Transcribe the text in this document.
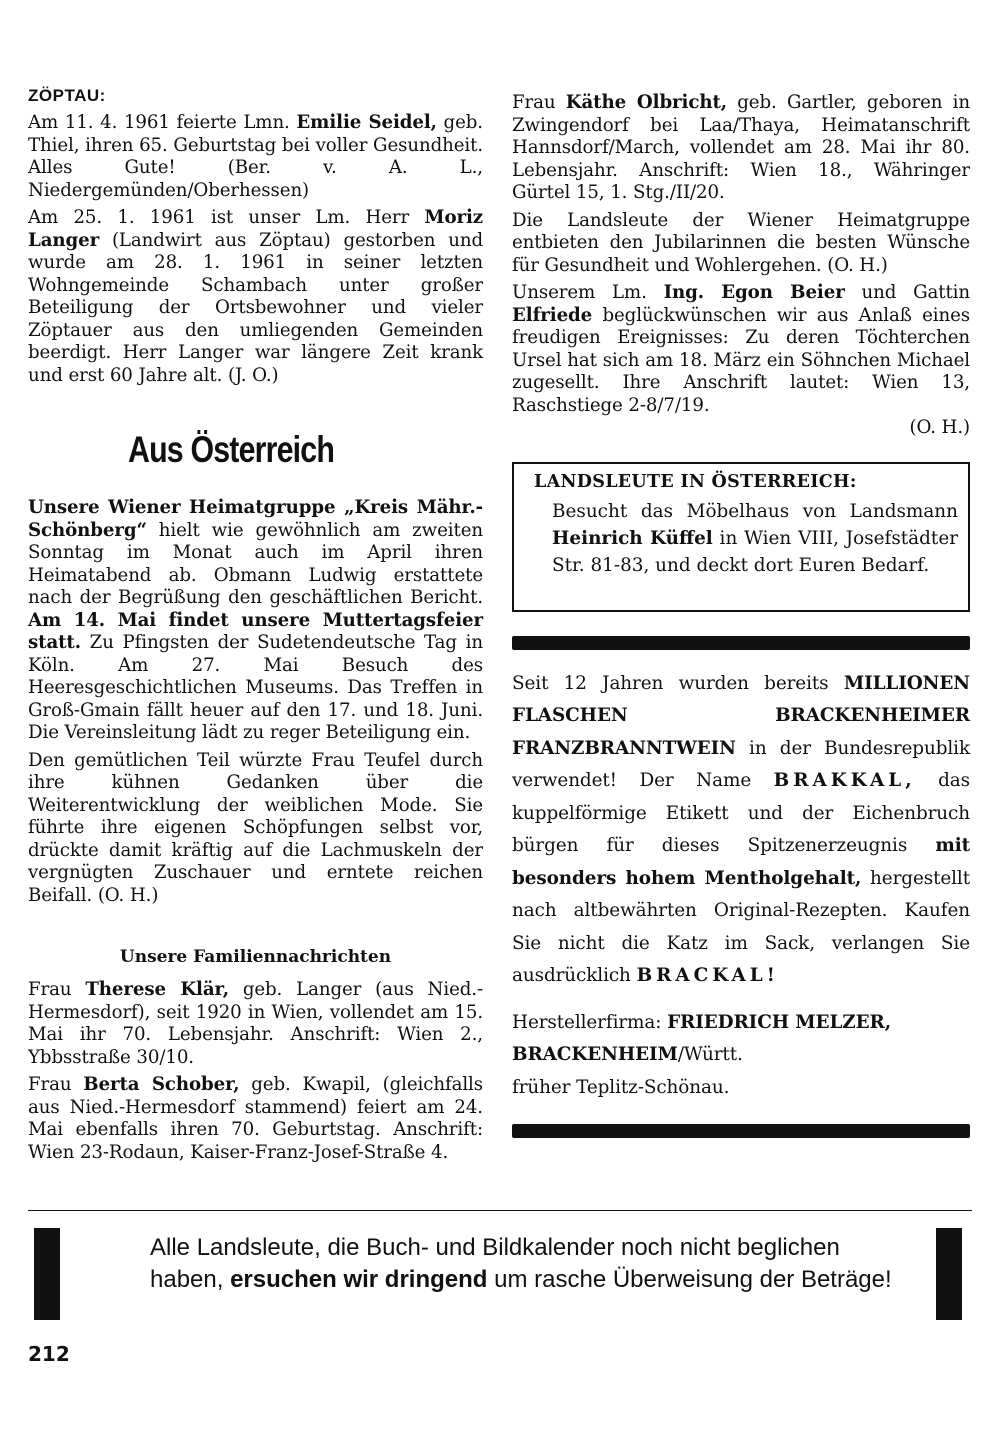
ZÖPTAU:

Am 11. 4. 1961 feierte Lmn. Emilie Seidel, geb. Thiel, ihren 65. Geburtstag bei voller Gesundheit. Alles Gute! (Ber. v. A. L., Niedergemünden/Oberhessen)

Am 25. 1. 1961 ist unser Lm. Herr Moriz Langer (Landwirt aus Zöptau) gestorben und wurde am 28. 1. 1961 in seiner letzten Wohngemeinde Schambach unter großer Beteiligung der Ortsbewohner und vieler Zöptauer aus den umliegenden Gemeinden beerdigt. Herr Langer war längere Zeit krank und erst 60 Jahre alt. (J. O.)

Aus Österreich

Unsere Wiener Heimatgruppe „Kreis Mähr.-Schönberg“ hielt wie gewöhnlich am zweiten Sonntag im Monat auch im April ihren Heimatabend ab. Obmann Ludwig erstattete nach der Begrüßung den geschäftlichen Bericht. Am 14. Mai findet unsere Muttertagsfeier statt. Zu Pfingsten der Sudetendeutsche Tag in Köln. Am 27. Mai Besuch des Heeresgeschichtlichen Museums. Das Treffen in Groß-Gmain fällt heuer auf den 17. und 18. Juni. Die Vereinsleitung lädt zu reger Beteiligung ein.

Den gemütlichen Teil würzte Frau Teufel durch ihre kühnen Gedanken über die Weiterentwicklung der weiblichen Mode. Sie führte ihre eigenen Schöpfungen selbst vor, drückte damit kräftig auf die Lachmuskeln der vergnügten Zuschauer und erntete reichen Beifall. (O. H.)

Unsere Familiennachrichten

Frau Therese Klär, geb. Langer (aus Nied.-Hermesdorf), seit 1920 in Wien, vollendet am 15. Mai ihr 70. Lebensjahr. Anschrift: Wien 2., Ybbsstraße 30/10.

Frau Berta Schober, geb. Kwapil, (gleichfalls aus Nied.-Hermesdorf stammend) feiert am 24. Mai ebenfalls ihren 70. Geburtstag. Anschrift: Wien 23-Rodaun, Kaiser-Franz-Josef-Straße 4.

Frau Käthe Olbricht, geb. Gartler, geboren in Zwingendorf bei Laa/Thaya, Heimatanschrift Hannsdorf/March, vollendet am 28. Mai ihr 80. Lebensjahr. Anschrift: Wien 18., Währinger Gürtel 15, 1. Stg./II/20.

Die Landsleute der Wiener Heimatgruppe entbieten den Jubilarinnen die besten Wünsche für Gesundheit und Wohlergehen. (O. H.)

Unserem Lm. Ing. Egon Beier und Gattin Elfriede beglückwünschen wir aus Anlaß eines freudigen Ereignisses: Zu deren Töchterchen Ursel hat sich am 18. März ein Söhnchen Michael zugesellt. Ihre Anschrift lautet: Wien 13, Raschstiege 2-8/7/19.
(O. H.)

LANDSLEUTE IN ÖSTERREICH:
Besucht das Möbelhaus von Landsmann Heinrich Küffel in Wien VIII, Josefstädter Str. 81-83, und deckt dort Euren Bedarf.

Seit 12 Jahren wurden bereits MILLIONEN FLASCHEN BRACKENHEIMER FRANZBRANNTWEIN in der Bundesrepublik verwendet! Der Name BRAKKAL, das kuppelförmige Etikett und der Eichenbruch bürgen für dieses Spitzenerzeugnis mit besonders hohem Mentholgehalt, hergestellt nach altbewährten Original-Rezepten. Kaufen Sie nicht die Katz im Sack, verlangen Sie ausdrücklich BRACKAL!

Herstellerfirma: FRIEDRICH MELZER,
BRACKENHEIM/Württ.
früher Teplitz-Schönau.

Alle Landsleute, die Buch- und Bildkalender noch nicht beglichen haben, ersuchen wir dringend um rasche Überweisung der Beträge!
212
